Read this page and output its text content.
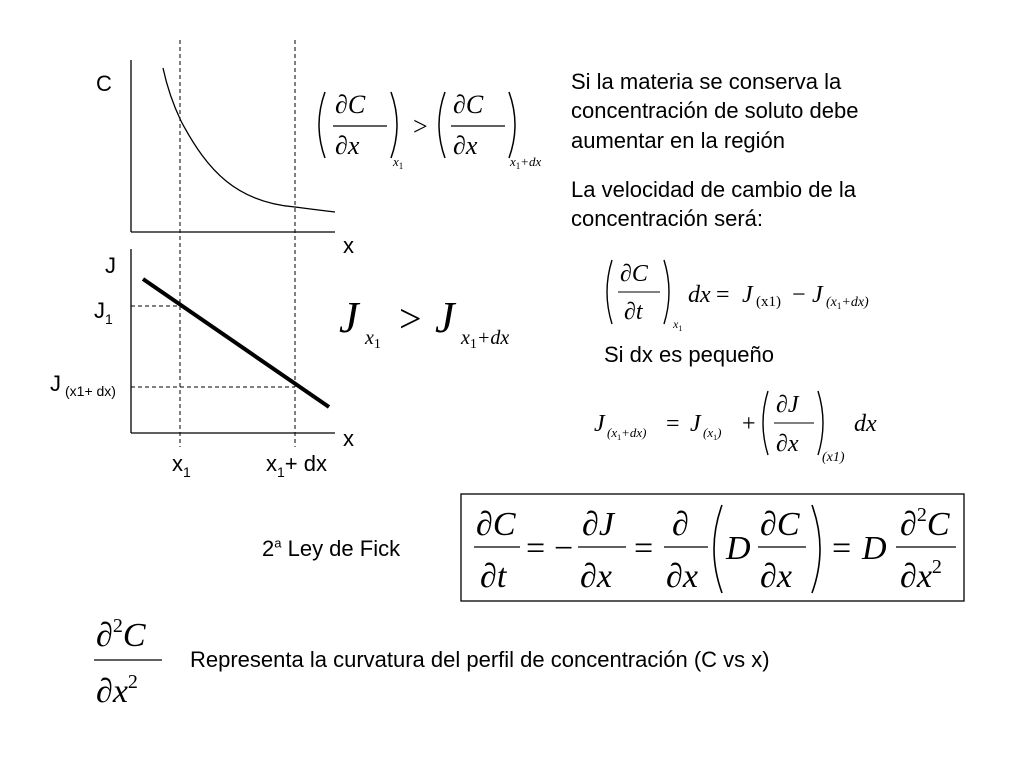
C
x
J
$J_1$
J $_{(x1+ dx)}$
x
$x_1$	$x_1+$ dx
∂C
∂x
$x_1$
>
∂C
∂x
$x_1+dx$
J $x_1$
> J $x_1+dx$
Si la materia se conserva la concentración de soluto debe aumentar en la región
La velocidad de cambio de la concentración será:
∂C
∂t	$x_1$
dx = J (x1) − J $(x_1+dx)$
Si dx es pequeño
J $(x_1+dx) = J$ $(x_1)$ +
∂J
∂x
(x1)
dx
2$^a$ Ley de Fick
∂C
∂t
= −
∂J
∂x
=
∂
∂x
D
∂C
∂x
= D
∂$^2$C
$\partial x^2$
∂$^2$C
$\partial x^2$
Representa la curvatura del perfil de concentración (C vs x)
